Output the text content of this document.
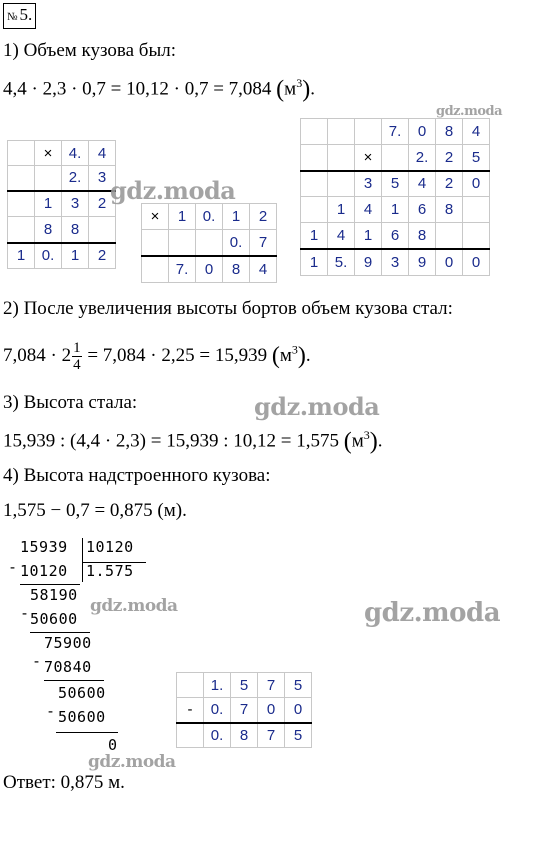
№ 5.
1) Объем кузова был:
4,4 · 2,3 · 0,7 = 10,12 · 0,7 = 7,084 $(м^3)$.
	×	4.	4
		2.	3
	1	3	2
	8	8	
1	0.	1	2
×	1	0.	1	2
			0.	7
	7.	0	8	4
			7.	0	8	4
		×		2.	2	5
		3	5	4	2	0
	1	4	1	6	8	
1	4	1	6	8		
1	5.	9	3	9	0	0
2) После увеличения высоты бортов объем кузова стал:
$7,084 \cdot 2 \frac{1}{4} = 7,084 \cdot 2,25 = 15,939$ $(м^3)$.
3) Высота стала:
15,939 : (4,4 · 2,3) = 15,939 : 10,12 = 1,575 $(м^3)$.
4) Высота надстроенного кузова:
1,575 − 0,7 = 0,875 (м).
15939 10120
- 10120 1.575
58190
- 50600
75900
- 70840
50600
- 50600
0
	1.	5	7	5
-	0.	7	0	0
	0.	8	7	5
Ответ: 0,875 м.
gdz.moda
gdz.moda
gdz.moda
gdz.moda	gdz.moda
gdz.moda
